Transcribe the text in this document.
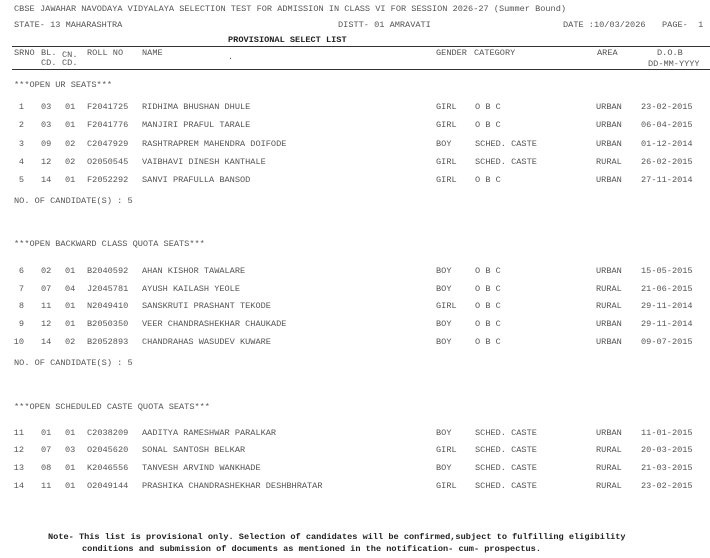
CBSE JAWAHAR NAVODAYA VIDYALAYA SELECTION TEST FOR ADMISSION IN CLASS VI FOR SESSION 2026-27 (Summer Bound)
STATE- 13 MAHARASHTRA	DISTT- 01 AMRAVATI	DATE :10/03/2026 PAGE-  1
PROVISIONAL SELECT LIST
SRNO BL.
CD.
CN.
CD.
ROLL NO NAME	.	GENDER CATEGORY	AREA	D.O.B
DD-MM-YYYY
***OPEN UR SEATS***
1 03 01 F2041725 RIDHIMA BHUSHAN DHULE	GIRL O B C	URBAN 23-02-2015
2 03 01 F2041776 MANJIRI PRAFUL TARALE	GIRL O B C	URBAN 06-04-2015
3 09 02 C2047929 RASHTRAPREM MAHENDRA DOIFODE	BOY	SCHED. CASTE	URBAN 01-12-2014
4 12 02 O2050545 VAIBHAVI DINESH KANTHALE	GIRL SCHED. CASTE	RURAL 26-02-2015
5 14 01 F2052292 SANVI PRAFULLA BANSOD	GIRL O B C	URBAN 27-11-2014
NO. OF CANDIDATE(S) : 5
***OPEN BACKWARD CLASS QUOTA SEATS***
6 02 01 B2040592 AHAN KISHOR TAWALARE	BOY	O B C	URBAN 15-05-2015
7 07 04 J2045781 AYUSH KAILASH YEOLE	BOY	O B C	RURAL 21-06-2015
8 11 01 N2049410 SANSKRUTI PRASHANT TEKODE	GIRL O B C	RURAL 29-11-2014
9 12 01 B2050350 VEER CHANDRASHEKHAR CHAUKADE	BOY	O B C	URBAN 29-11-2014
10 14 02 B2052893 CHANDRAHAS WASUDEV KUWARE	BOY	O B C	URBAN 09-07-2015
NO. OF CANDIDATE(S) : 5
***OPEN SCHEDULED CASTE QUOTA SEATS***
11 01 01 C2038209 AADITYA RAMESHWAR PARALKAR	BOY	SCHED. CASTE	URBAN 11-01-2015
12 07 03 O2045620 SONAL SANTOSH BELKAR	GIRL SCHED. CASTE	RURAL 20-03-2015
13 08 01 K2046556 TANVESH ARVIND WANKHADE	BOY	SCHED. CASTE	RURAL 21-03-2015
14 11 01 O2049144 PRASHIKA CHANDRASHEKHAR DESHBHRATAR	GIRL SCHED. CASTE	RURAL 23-02-2015
Note- This list is provisional only. Selection of candidates will be confirmed,subject to fulfilling eligibility
conditions and submission of documents as mentioned in the notification- cum- prospectus.
